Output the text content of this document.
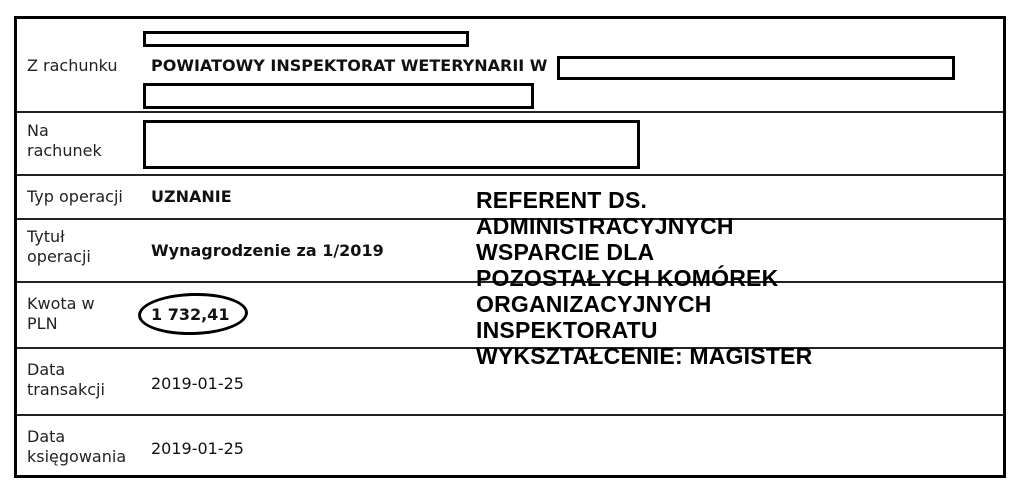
Z rachunku POWIATOWY INSPEKTORAT WETERYNARII W
Na
rachunek
Typ operacji UZNANIE
Tytuł
operacji	Wynagrodzenie za 1/2019
Kwota w
PLN	1 732,41
Data
transakcji	2019-01-25
Data
księgowania 2019-01-25
REFERENT DS.
ADMINISTRACYJNYCH
WSPARCIE DLA
POZOSTAŁYCH KOMÓREK
ORGANIZACYJNYCH
INSPEKTORATU
WYKSZTAŁCENIE: MAGISTER
